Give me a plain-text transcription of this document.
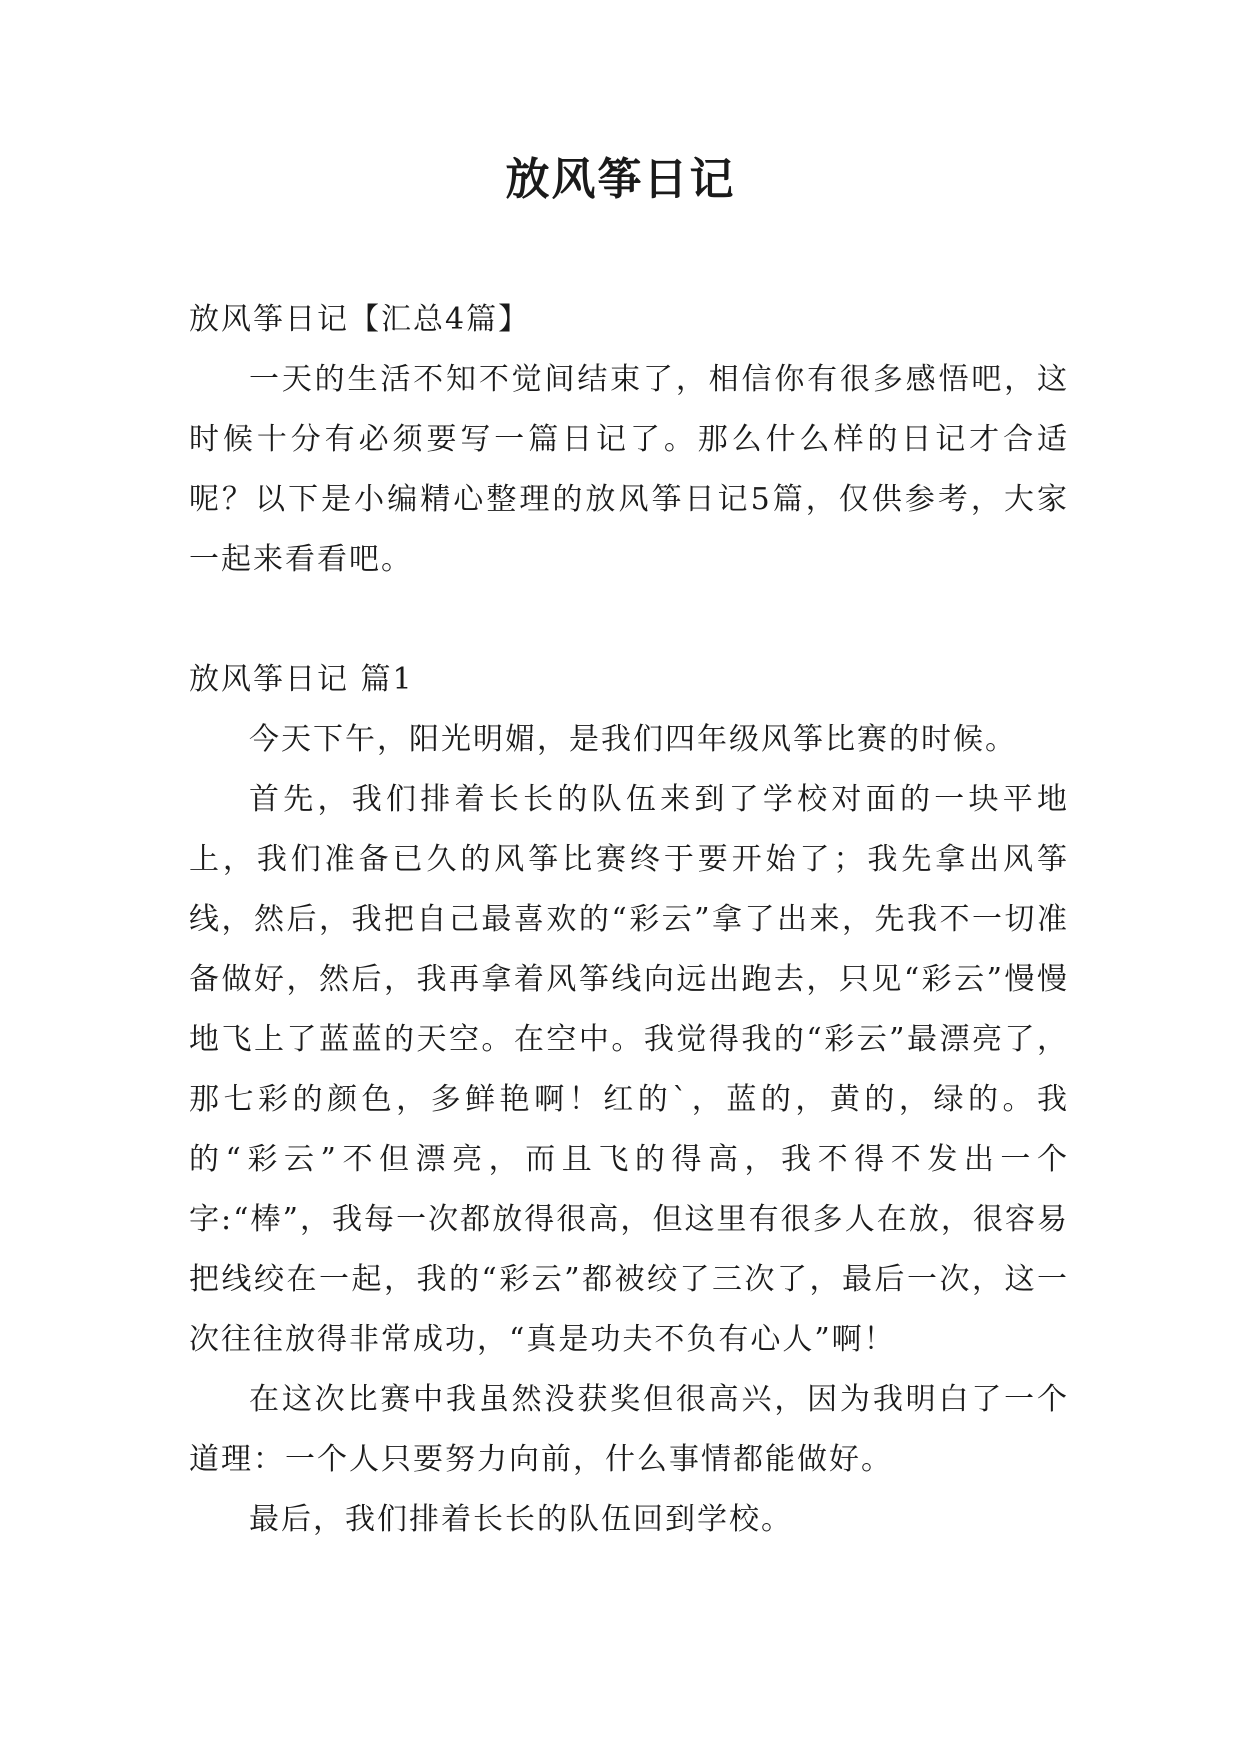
放风筝日记

放风筝日记【汇总4篇】

一天的生活不知不觉间结束了，相信你有很多感悟吧，这时候十分有必须要写一篇日记了。那么什么样的日记才合适呢？以下是小编精心整理的放风筝日记5篇，仅供参考，大家一起来看看吧。

放风筝日记 篇1

今天下午，阳光明媚，是我们四年级风筝比赛的时候。

首先，我们排着长长的队伍来到了学校对面的一块平地上，我们准备已久的风筝比赛终于要开始了；我先拿出风筝线，然后，我把自己最喜欢的“彩云”拿了出来，先我不一切准备做好，然后，我再拿着风筝线向远出跑去，只见“彩云”慢慢地飞上了蓝蓝的天空。在空中。我觉得我的“彩云”最漂亮了，那七彩的颜色，多鲜艳啊！红的`，蓝的，黄的，绿的。我的“彩云”不但漂亮，而且飞的得高，我不得不发出一个字:“棒”，我每一次都放得很高，但这里有很多人在放，很容易把线绞在一起，我的“彩云”都被绞了三次了，最后一次，这一次往往放得非常成功，“真是功夫不负有心人”啊！

在这次比赛中我虽然没获奖但很高兴，因为我明白了一个道理：一个人只要努力向前，什么事情都能做好。

最后，我们排着长长的队伍回到学校。
